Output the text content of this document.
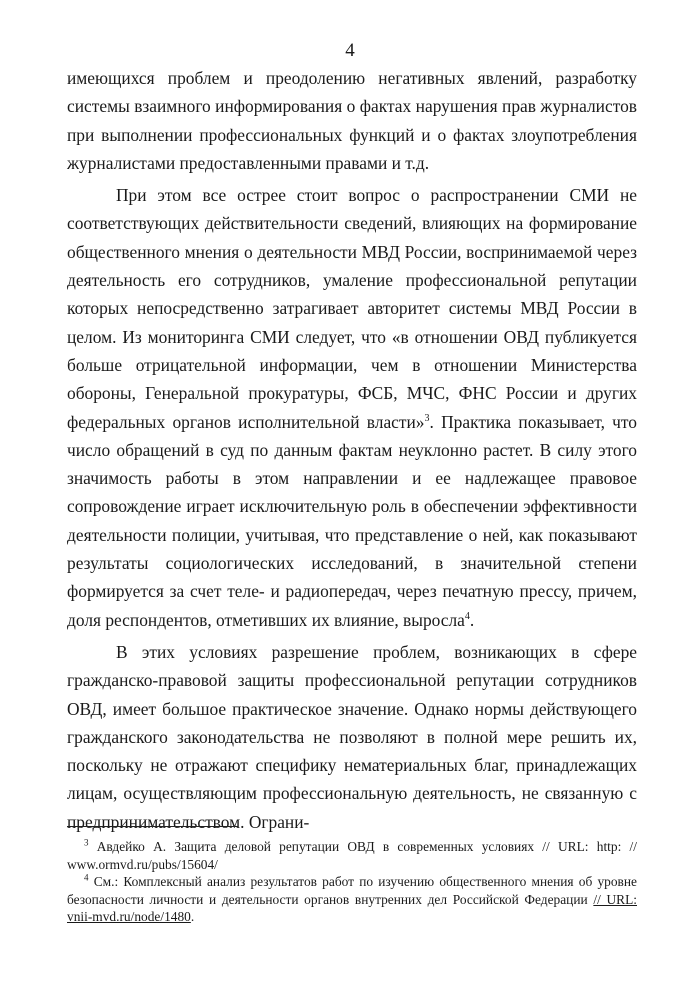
4

имеющихся проблем и преодолению негативных явлений, разработку системы взаимного информирования о фактах нарушения прав журналистов при выполнении профессиональных функций и о фактах злоупотребления журналистами предоставленными правами и т.д.

При этом все острее стоит вопрос о распространении СМИ не соответствующих действительности сведений, влияющих на формирование общественного мнения о деятельности МВД России, воспринимаемой через деятельность его сотрудников, умаление профессиональной репутации которых непосредственно затрагивает авторитет системы МВД России в целом. Из мониторинга СМИ следует, что «в отношении ОВД публикуется больше отрицательной информации, чем в отношении Министерства обороны, Генеральной прокуратуры, ФСБ, МЧС, ФНС России и других федеральных органов исполнительной власти»$^3$. Практика показывает, что число обращений в суд по данным фактам неуклонно растет. В силу этого значимость работы в этом направлении и ее надлежащее правовое сопровождение играет исключительную роль в обеспечении эффективности деятельности полиции, учитывая, что представление о ней, как показывают результаты социологических исследований, в значительной степени формируется за счет теле- и радиопередач, через печатную прессу, причем, доля респондентов, отметивших их влияние, выросла$^4$.

В этих условиях разрешение проблем, возникающих в сфере гражданско-правовой защиты профессиональной репутации сотрудников ОВД, имеет большое практическое значение. Однако нормы действующего гражданского законодательства не позволяют в полной мере решить их, поскольку не отражают специфику нематериальных благ, принадлежащих лицам, осуществляющим профессиональную деятельность, не связанную с предпринимательством. Ограни-

$^3$ Авдейко А. Защита деловой репутации ОВД в современных условиях // URL: http: // www.ormvd.ru/pubs/15604/

$^4$ См.: Комплексный анализ результатов работ по изучению общественного мнения об уровне безопасности личности и деятельности органов внутренних дел Российской Федерации // URL: vnii-mvd.ru/node/1480.
